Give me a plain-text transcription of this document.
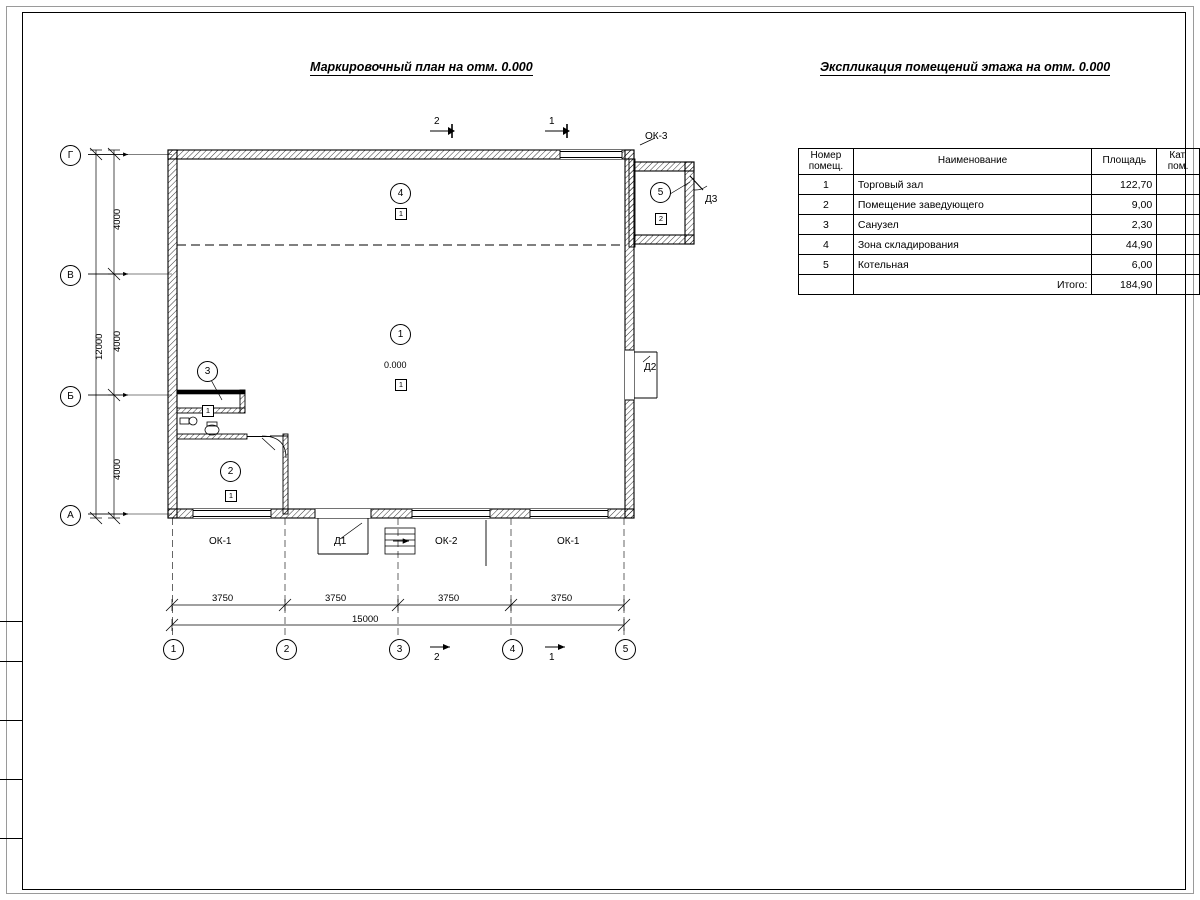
Маркировочный план на отм. 0.000	Экспликация помещений этажа на отм. 0.000
Номер
помещ.	Наименование	Площадь	Кат.
пом.
1	Торговый зал	122,70	
2	Помещение заведующего	9,00	
3	Санузел	2,30	
4	Зона складирования	44,90	
5	Котельная	6,00	
	Итого:	184,90	
Г
В
Б
А
1	2	3	4	5
4000
4000
4000
12000
3750	3750	3750	3750
15000
1
0.000
1
4
1
3
1
2
1
5
2
ОК-1	ОК-2	ОК-1
ОК-3
Д1
Д2
Д3
2	1
2	1
